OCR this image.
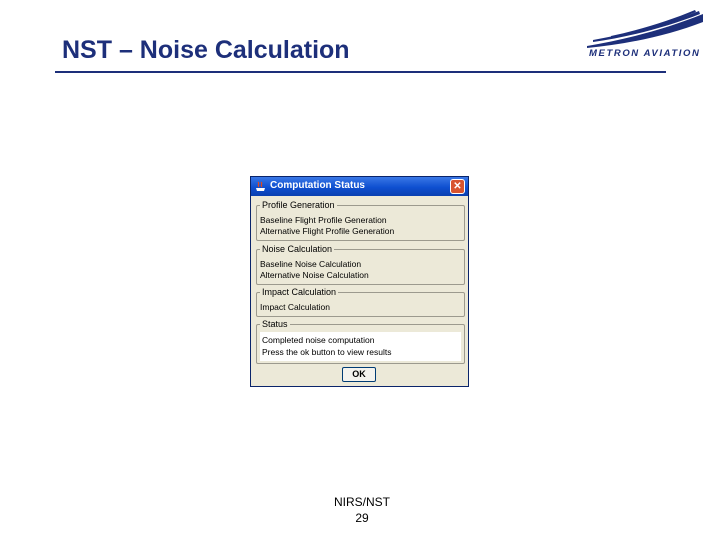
NST – Noise Calculation	METRON AVIATION
Computation Status	✕
Profile Generation
Baseline Flight Profile Generation
Alternative Flight Profile Generation
Noise Calculation
Baseline Noise Calculation
Alternative Noise Calculation
Impact Calculation
Impact Calculation
Status
Completed noise computation
Press the ok button to view results
OK
NIRS/NST
29
